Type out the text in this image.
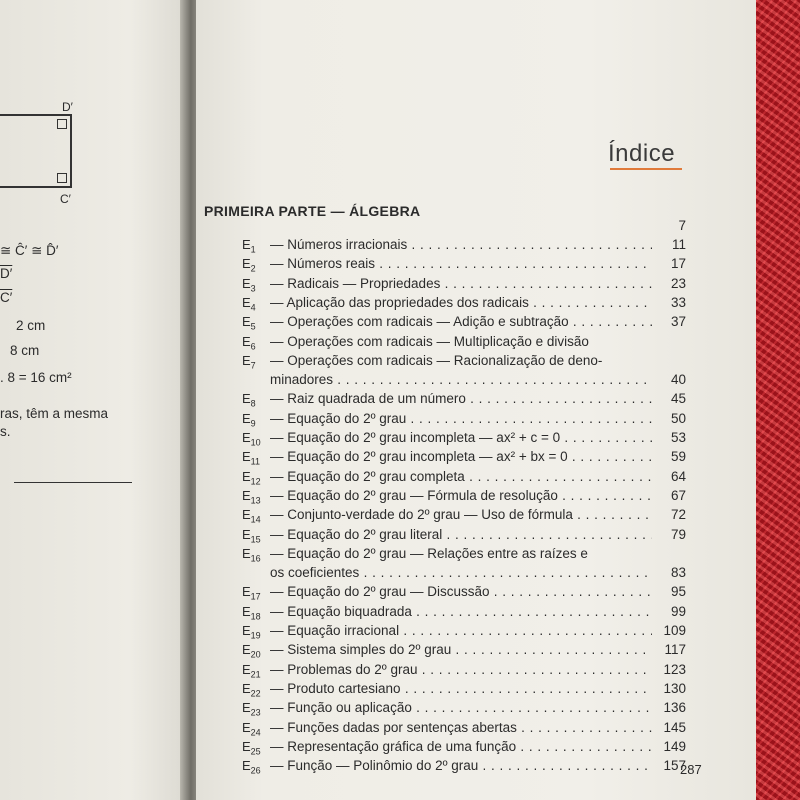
D′
C′
≅ Ĉ′ ≅ D̂′
D′
C′
2 cm
8 cm
. 8 = 16 cm²
ras, têm a mesma
s.
Índice
PRIMEIRA PARTE — ÁLGEBRA
7
$E_1$	— Números irracionais . . .	11
$E_2$	— Números reais . . .	17
$E_3$	— Radicais — Propriedades . . .	23
$E_4$	— Aplicação das propriedades dos radicais . . .	33
$E_5$	— Operações com radicais — Adição e subtração . . .	37
$E_6$	— Operações com radicais — Multiplicação e divisão
$E_7$	— Operações com radicais — Racionalização de deno-
minadores . . .	40
$E_8$	— Raiz quadrada de um número . . .	45
$E_9$	— Equação do 2º grau . . .	50
$E_{10}$ — Equação do 2º grau incompleta — ax² + c = 0 . . .	53
$E_{11}$ — Equação do 2º grau incompleta — ax² + bx = 0 . . .	59
$E_{12}$ — Equação do 2º grau completa . . .	64
$E_{13}$ — Equação do 2º grau — Fórmula de resolução . . .	67
$E_{14}$ — Conjunto-verdade do 2º grau — Uso de fórmula . . .	72
$E_{15}$ — Equação do 2º grau literal . . .	79
$E_{16}$ — Equação do 2º grau — Relações entre as raízes e
os coeficientes . . .	83
$E_{17}$ — Equação do 2º grau — Discussão . . .	95
$E_{18}$ — Equação biquadrada . . .	99
$E_{19}$ — Equação irracional . . .	109
$E_{20}$ — Sistema simples do 2º grau . . .	117
$E_{21}$ — Problemas do 2º grau . . .	123
$E_{22}$ — Produto cartesiano . . .	130
$E_{23}$ — Função ou aplicação . . .	136
$E_{24}$ — Funções dadas por sentenças abertas . . .	145
$E_{25}$ — Representação gráfica de uma função . . .	149
$E_{26}$ — Função — Polinômio do 2º grau . . .	157
287
